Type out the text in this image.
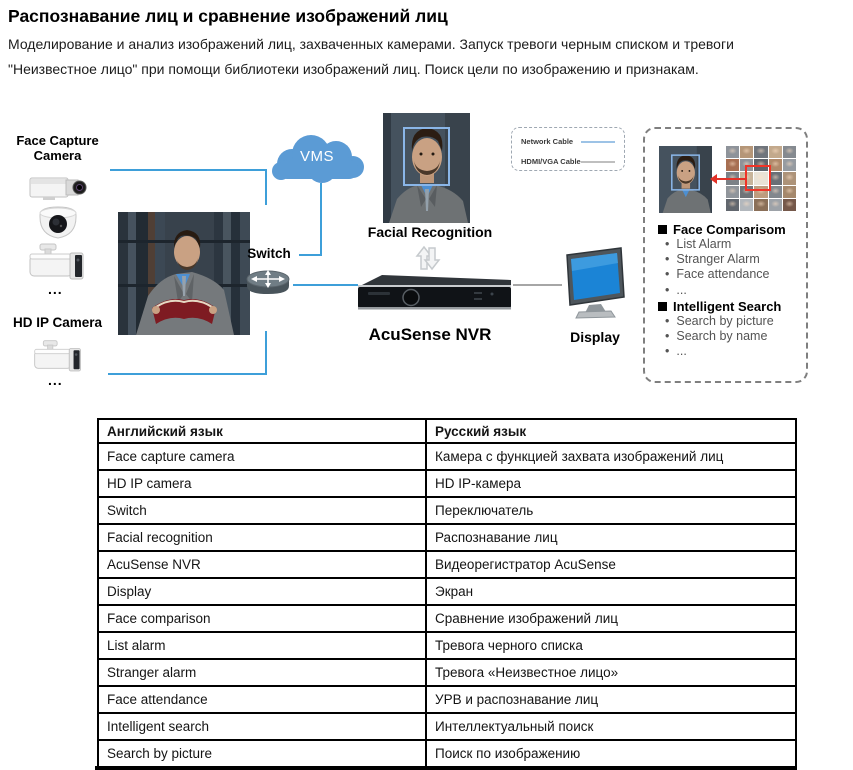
Распознавание лиц и сравнение изображений лиц
Моделирование и анализ изображений лиц, захваченных камерами. Запуск тревоги черным списком и тревоги
"Неизвестное лицо" при помощи библиотеки изображений лиц. Поиск цели по изображению и признакам.
Face Capture
Camera
HD IP Camera
...
...
VMS
Switch
Facial Recognition
AcuSense NVR	Display
Network Cable
HDMI/VGA Cable
Face Comparisom
• List Alarm
• Stranger Alarm
• Face attendance
• ...
Intelligent Search
• Search by picture
• Search by name
• ...
Английский язык	Русский язык
Face capture camera	Камера с функцией захвата изображений лиц
HD IP camera	HD IP-камера
Switch	Переключатель
Facial recognition	Распознавание лиц
AcuSense NVR	Видеорегистратор AcuSense
Display	Экран
Face comparison	Сравнение изображений лиц
List alarm	Тревога черного списка
Stranger alarm	Тревога «Неизвестное лицо»
Face attendance	УРВ и распознавание лиц
Intelligent search	Интеллектуальный поиск
Search by picture	Поиск по изображению
